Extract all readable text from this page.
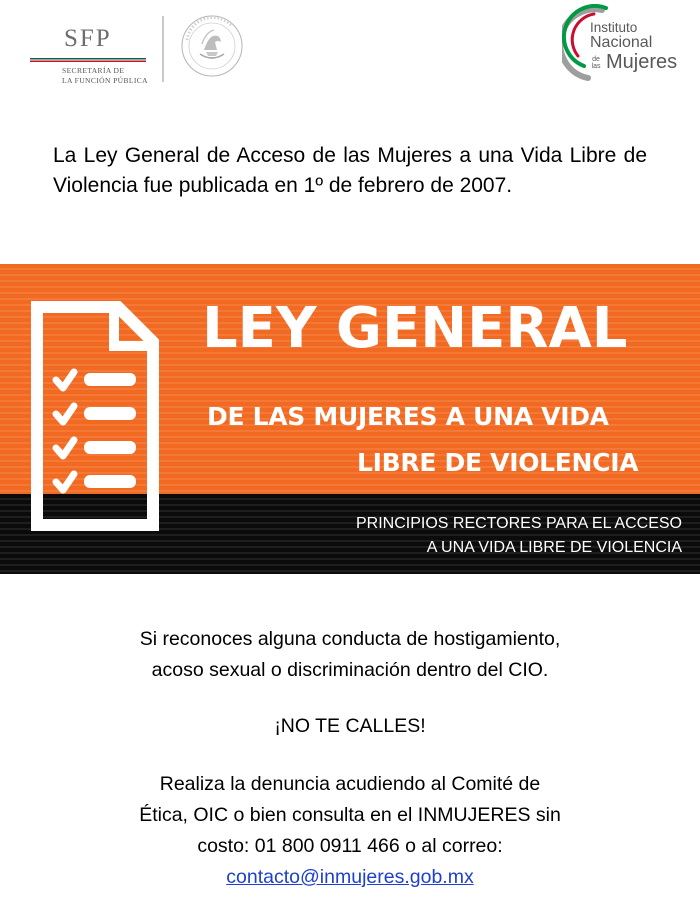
SFP
SECRETARÍA DE
LA FUNCIÓN PÚBLICA
Instituto
Nacional
de
las Mujeres

La Ley General de Acceso de las Mujeres a una Vida Libre de Violencia fue publicada en 1º de febrero de 2007.

LEY GENERAL
DE LAS MUJERES A UNA VIDA
LIBRE DE VIOLENCIA
PRINCIPIOS RECTORES PARA EL ACCESO
A UNA VIDA LIBRE DE VIOLENCIA
Si reconoces alguna conducta de hostigamiento,
acoso sexual o discriminación dentro del CIO.
¡NO TE CALLES!
Realiza la denuncia acudiendo al Comité de
Ética, OIC o bien consulta en el INMUJERES sin
costo: 01 800 0911 466 o al correo:
contacto@inmujeres.gob.mx
